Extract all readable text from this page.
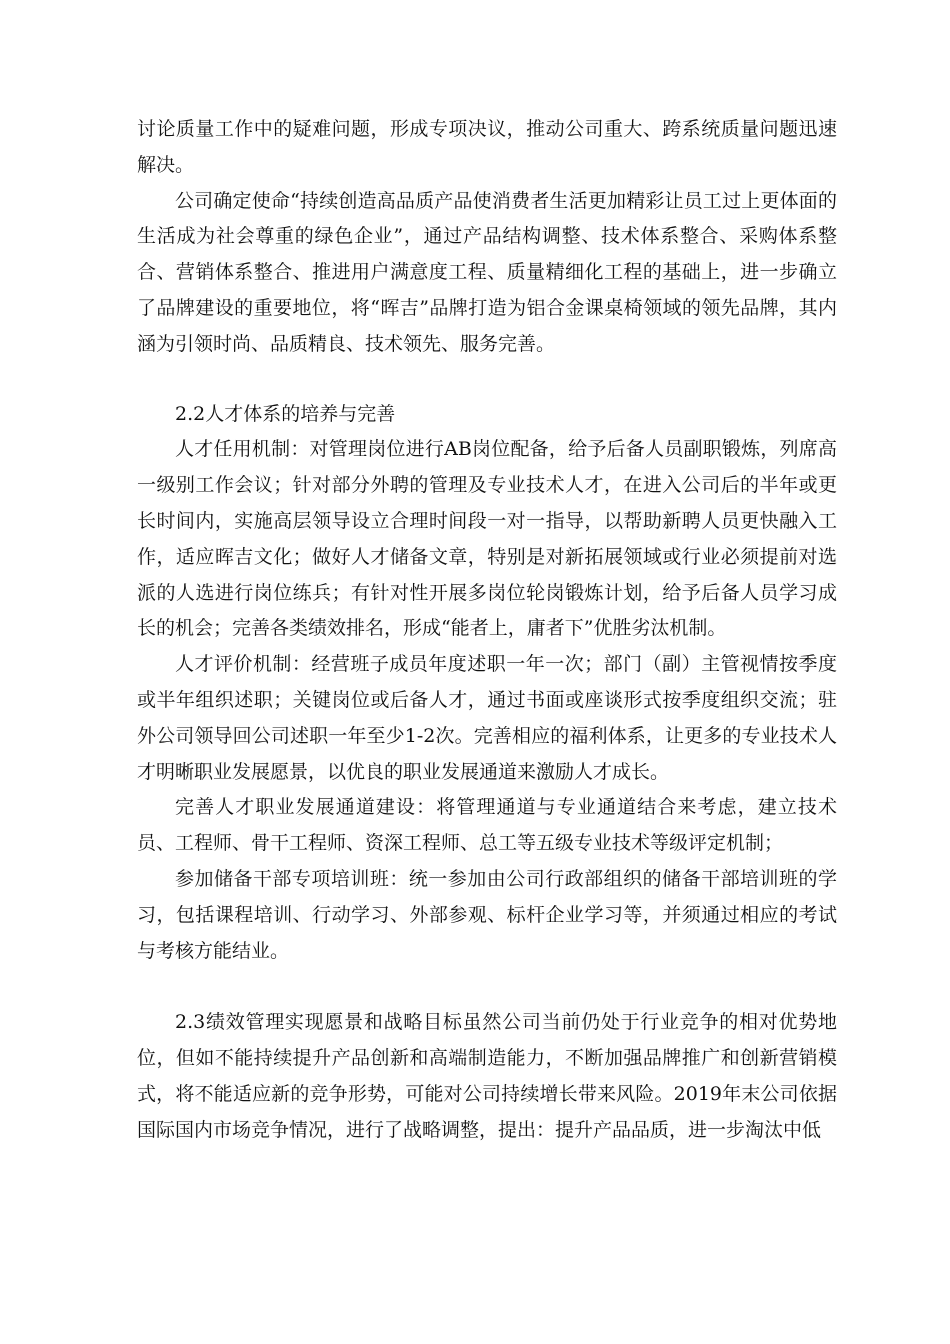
讨论质量工作中的疑难问题，形成专项决议，推动公司重大、跨系统质量问题迅速解决。

公司确定使命“持续创造高品质产品使消费者生活更加精彩让员工过上更体面的生活成为社会尊重的绿色企业”，通过产品结构调整、技术体系整合、采购体系整合、营销体系整合、推进用户满意度工程、质量精细化工程的基础上，进一步确立了品牌建设的重要地位，将“晖吉”品牌打造为铝合金课桌椅领域的领先品牌，其内涵为引领时尚、品质精良、技术领先、服务完善。

2.2人才体系的培养与完善

人才任用机制：对管理岗位进行AB岗位配备，给予后备人员副职锻炼，列席高一级别工作会议；针对部分外聘的管理及专业技术人才，在进入公司后的半年或更长时间内，实施高层领导设立合理时间段一对一指导，以帮助新聘人员更快融入工作，适应晖吉文化；做好人才储备文章，特别是对新拓展领域或行业必须提前对选派的人选进行岗位练兵；有针对性开展多岗位轮岗锻炼计划，给予后备人员学习成长的机会；完善各类绩效排名，形成“能者上，庸者下”优胜劣汰机制。

人才评价机制：经营班子成员年度述职一年一次；部门（副）主管视情按季度或半年组织述职；关键岗位或后备人才，通过书面或座谈形式按季度组织交流；驻外公司领导回公司述职一年至少1-2次。完善相应的福利体系，让更多的专业技术人才明晰职业发展愿景，以优良的职业发展通道来激励人才成长。

完善人才职业发展通道建设：将管理通道与专业通道结合来考虑，建立技术员、工程师、骨干工程师、资深工程师、总工等五级专业技术等级评定机制；

参加储备干部专项培训班：统一参加由公司行政部组织的储备干部培训班的学习，包括课程培训、行动学习、外部参观、标杆企业学习等，并须通过相应的考试与考核方能结业。

2.3绩效管理实现愿景和战略目标虽然公司当前仍处于行业竞争的相对优势地位，但如不能持续提升产品创新和高端制造能力，不断加强品牌推广和创新营销模式，将不能适应新的竞争形势，可能对公司持续增长带来风险。2019年末公司依据国际国内市场竞争情况，进行了战略调整，提出：提升产品品质，进一步淘汰中低
